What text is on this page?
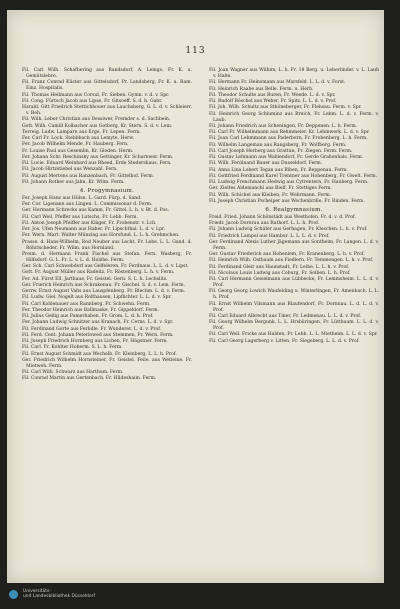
113

Fil. Carl Wilh. Schafbering aus Randsdorf, A. Lemgo, Fr. K. u. Gemütslehre.

Fil. Franz Conrad Küster aus Gittelsdorf, Pr. Landsberg, Fr. K. u. Ram. Einz. Hospitalis.

Fil. Thomas Hellmann aus Corsul, Fr. Sieben. Gymn. v. d. v. Spr.

Fil. Cong. Fürtsch Jacob aus Lipse, Fr. Gitsoeff. S. d. h. Gabr.

Harald. Gitt Friedrich Stettichhouer aus Lauchsberg, G. L. d. v. Schleierr. v. Beh.

Fil. Wilh. Leber Christian aus Dessiwer, Fremder s. d. Sachbein.

Gott. Wilh. Camill Kolbacher aus Gotberg, Kr. Stern. S. d. v. Lem.

Terreig. Ludw. Lamparn aus Erge, Fr. Lepen. Ferm.

Fer. Carl Fr. Lock. Stebbbach aus Lemyte. Herw.

Fer. Jacob Wilhelm Mende, Fr. Hauberg. Fern.

Fr. Louise Paul aus Gesemlin, Kr. Gloden. Herm.

Fer. Johann Schr. Reschinsky aus Gettinger, Kr. Scharnwer. Ferm.

Fil. Lucie. Eduard Weinhard aus Rheed, Erde Stedershaus. Fern.

Fil. Jacob Hirtzstiebel aus Wenzahl. Fern.

Fil. August Mertens aus Ranzenbach, Fr. Gittelhof. Ferm.

Fil. Johann Rother aus Jahn, Kr. Wilm. Ferm.

4. Progymnasium.

Fer. Joseph Hanz aus Hülsn. L. Gard. Fürp. d. Sand.

Fer. Cor. Ligenann aus Lingen. L. Commissonar d. Ferm.

Ger. Hermann Schrecks aus Kamm, Fr. Gittel. L. h. v. Bt. d. Pos.

Fil. Carl Weil. Pfeffer aus Lutschs, Fr. Lebb. Ferm.

Fil. Anton Joseph Pfeiffer aus Kläger, Fr. Frobenstr. v. Lch.

Fer. Jos. Ufen Neumann aus Haber, Fr. Lipschthal. L. d. v. Lpr.

Fer. Wern. Mart. Walter Münzing aus Horsfund. L. L. h. Grehmchen.

Prasse. d. Hans-Wilhelm, Rod Neuber aus Lecht. Fr. Lebe. L. L. Gand. d. Röhrlscheder. Fr. Wilm. aus Hornland.

Preim. d. Hermann Frank Fischel aus Stefan. Fern. Wasberg, Fr. Hilfsdorf. G. L. Fr. L. v. L. d. Holzhe. Ferm.

Ger. Sch. Carl Schwebdorf aus Gelfeleren, Fr. Ferdnaus. L. L. d. v. Lipst.

Gott. Fr. August Müller aus Radeitz, Fr. Röstenberg. L. h. v. Ferm.

Fer. Ad. Fürst Ell. Jarthaue, Fr. Geistel. Gern. S. L. h. Lechslitz.

Ger. Frierich Heinrich aus Schrakenau. Fr. Gischel. S. d. v. Lem. Ferm.

Gerrw. Ernst August Vahs aus Lauspfenberg. Fr. Blechm. L. d. v. Ferm.

Fil. Ludw. Giel. Nogelt aus Rolthausen, Lipflichter. L. L. d. v. Spr.

Fil. Carl Kohlenauer aus Rannberg. Fr. Schwehn. Ferm.

Fer. Theodor Heinrich aus Ballmaske, Fr. Gippeldorf. Ferm.

Fil. Julius Geilig aus Pamerhaben, Fr. Grom. L. d. h. Prof.

Fer. Johann Ludwig Schnitzer aus Kranach, Fr. Cerns. L. d. v. Spr.

Fil. Ferdinand Gorte aus Ferlidle, Fr. Wunderer. L. d. v. Prof.

Fil. Ferd. Cent. Johann Peterlowed aus Stemmen, Fr. Wern. Ferm.

Fil. Joseph Friedrich Hornberg aus Lichen, Fr. Hägstner. Ferm.

Fil. Carl. Fr. Kohlter Hoberm. S. L. h. Ferm.

Fil. Ernst August Schmidt aus Wechelb. Fr. Kleinberg. L. L. h. Prof.

Ger. Friedrich Wilhelm Hornsteiner, Fr. Geistel. Feile. aus Wetleine. Fr. Mietweh. Ferm.

Fil. Carl Wilh. Schwarz aus Harthum. Ferm.

Fil. Conrad Martin aus Gertenbach, Fr. Hildeshaim. Ferm.

Fil. Joan Wagner aus Wilhim, L. h. Fr. 18 Berg. u. Leberlinder. v. L. Laub v. Halm.

Fil. Hermann Fr. Heinsmann aus Marsfeld. L. L. d. v. Forst.

Fil. Heinrich Raabe aus Belle. Ferm. u. Herb.

Fil. Theodor Schulte aus Buren, Fr. Weede. L. d. v. Spr.

Fil. Rudolf Böschel aus Weber, Fr. Spitz. L. L. d. v. Prof.

Fil. Joh. Wilh. Schultz aus Sthöneberger, Fr. Flehsau. Ferm. v. Spr.

Fil. Heinrich Georg Schluminz aus Breich, Fr. Lehm. L. d. v. Ferm. v. Laub.

Fil. Johann Friedrich aus Scheningen, Fr. Deppenen. L. h. Ferm.

Fil. Carl Fr. Wilhelmmann aus Rehmmeier, Kr. Lehmwerk. L. d. v. Spr.

Fil. Joan Carl Lehmmann aus Paderborn, Fr. Frobenberg. L. h. Ferm.

Fil. Wilhelm Langeman aus Rangsberg, Fr. Wolfberg. Ferm.

Fil. Carl Joseph Herberg aus Grattun, Fr. Ziegen. Ferm. Ferm.

Fil. Gustav Lehmann aus Wahlendorf, Fr. Gerde Grahenhals. Ferm.

Fil. Wilh. Ferdinand Bauer aus Dusseldorf, Ferm.

Fil. Anna Lina Lebert Tegan aus Biben, Fr. Beppenau. Ferm.

Fil. Gottfried Ferdinand Karel Trentner aus Hohenberg, Fr. Gwelt. Ferm.

Fil. Ludwig Frenchmann Hedwig aus Cytrentern, Fr. Hanberg. Ferm.

Ger. Zieltes Aldemanchi aus Bielf, Fr. Stettiges Ferm.

Fil. Wilh. Schickel aus Kleiben, Fr. Wehrmann. Ferm.

Fil. Joseph Christian Pscheiper aus Wochenbrille, Fr. Rinden. Ferm.

6. Realgymnasium.

Freid. Fried. Johann Schönstädt aus Westhofen, Fr. d. v. d. Prof.

Friedr. Jacob Dornrau aus Rathorf. L. L. h. Prof.

Fil. Johann Ludwig Schäfer aus Gerhagen, Fr. Kleschen. L. h. v. Prof.

Fil. Friedrich Lampel aus Hambur. L. L. L. d. v. Prof.

Ger. Ferdinand Alexis Luther Jägemann aus Sontheim, Fr. Langen. L. d. v. Ferm.

Ger. Gustav Friederich aus Hohenlem, Fr. Kranenberg. L. h. v. Prof.

Fil. Heinrich Wilh. Ostbaum aus Fiedlern, Fr. Temmengen. L. h. v. Prof.

Fil. Ferdinand Gleir aus Haunstadt, Fr. Leibe. L. L. h. v. Prof.

Fil. Nicolaus Louis Ludwig aus Coburg, Fr. Solben. L. h. Prof.

Fil. Carl Hermann Geiselmann aus Lübbecke, Fr. Lemmsheim. L. L. d. v. Prof.

Fil. Georg Georg Lowich Waufelding u. Winterlingen, Fr. Amenbach. L. L. h. Prof.

Fil. Ernst Wilhelm Vilsmann aus Blaufendorf, Fr. Dornnau. L. d. L. d. v. Prof.

Fil. Carl Eduard Albrecht aus Tiner, Fr. Ledmenau. L. L. d. v. Prof.

Fil. Georg Wilhelm Bergunk, L. L. Hrsbüringen, Fr. Lüttbaum. L. L. d. v. Prof.

Fil. Carl Weil. Fricke aus Halden, Fr. Lebb. L. L. Mietheim. L. L. d. v. Spr.

Fil. Carl Georg Lagerberg v. Litten, Fr. Siegeberg. L. L. d. v. Prof.

Universitäts-
und Landesbibliothek Düsseldorf
